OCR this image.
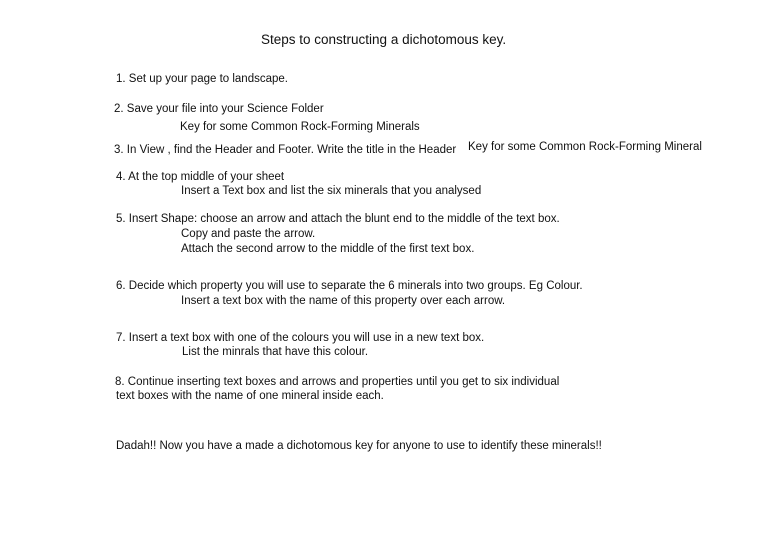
Steps to constructing a dichotomous key.
1. Set up your page to landscape.
2. Save your file into your Science Folder
Key for some Common Rock-Forming Minerals
3. In View , find the Header and Footer. Write the title in the Header Key for some Common Rock-Forming Mineral
4. At the top middle of your sheet
Insert a Text box and list the six minerals that you analysed
5. Insert Shape: choose an arrow and attach the blunt end to the middle of the text box.
Copy and paste the arrow.
Attach the second arrow to the middle of the first text box.
6. Decide which property you will use to separate the 6 minerals into two groups. Eg Colour.
Insert a text box with the name of this property over each arrow.
7. Insert a text box with one of the colours you will use in a new text box.
List the minrals that have this colour.
8. Continue inserting text boxes and arrows and properties until you get to six individual
text boxes with the name of one mineral inside each.
Dadah!! Now you have a made a dichotomous key for anyone to use to identify these minerals!!
